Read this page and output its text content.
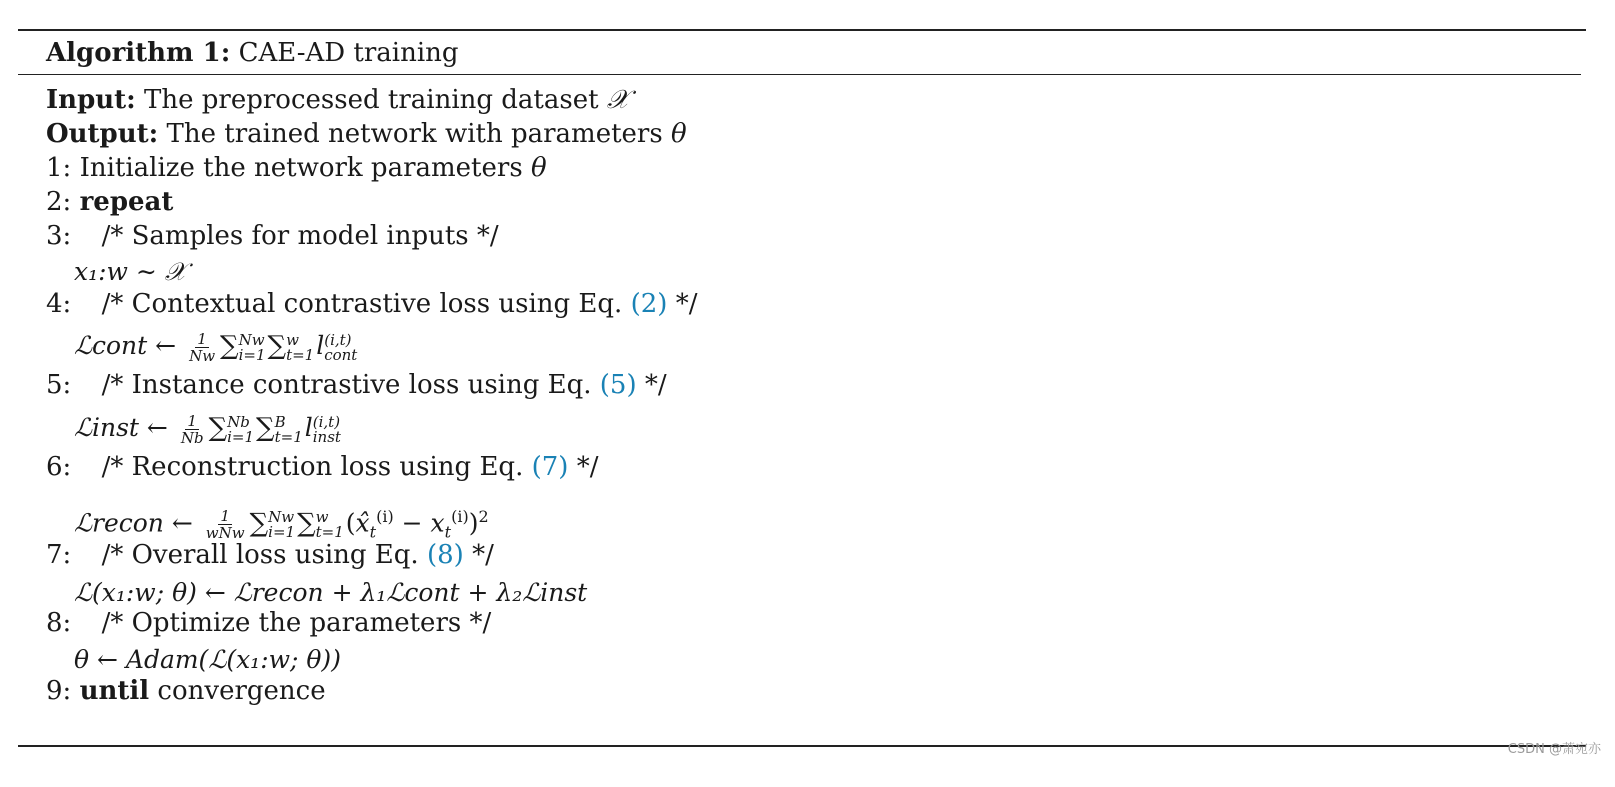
Algorithm 1: CAE-AD training
Input: The preprocessed training dataset 𝒳
Output: The trained network with parameters θ
1: Initialize the network parameters θ
2: repeat
3: /* Samples for model inputs */
x₁:w ∼ 𝒳
4: /* Contextual contrastive loss using Eq. (2) */
ℒcont ← $\frac{1}{Nw}$ ∑ Nw
i=1 ∑ w
t=1 l (i,t)
cont
5: /* Instance contrastive loss using Eq. (5) */
ℒinst ← $\frac{1}{Nb}$ ∑ Nb
i=1 ∑ B
t=1 l (i,t)
inst
6: /* Reconstruction loss using Eq. (7) */
ℒrecon ← $\frac{1}{\text{wNw}}$ ∑ Nw
i=1 ∑ w
t=1 $(x̂_t^{(i)} - x_t^{(i)})^2$
7: /* Overall loss using Eq. (8) */
ℒ(x₁:w; θ) ← ℒrecon + λ₁ℒcont + λ₂ℒinst
8: /* Optimize the parameters */
θ ← Adam(ℒ(x₁:w; θ))
9: until convergence
CSDN @萧宛亦
